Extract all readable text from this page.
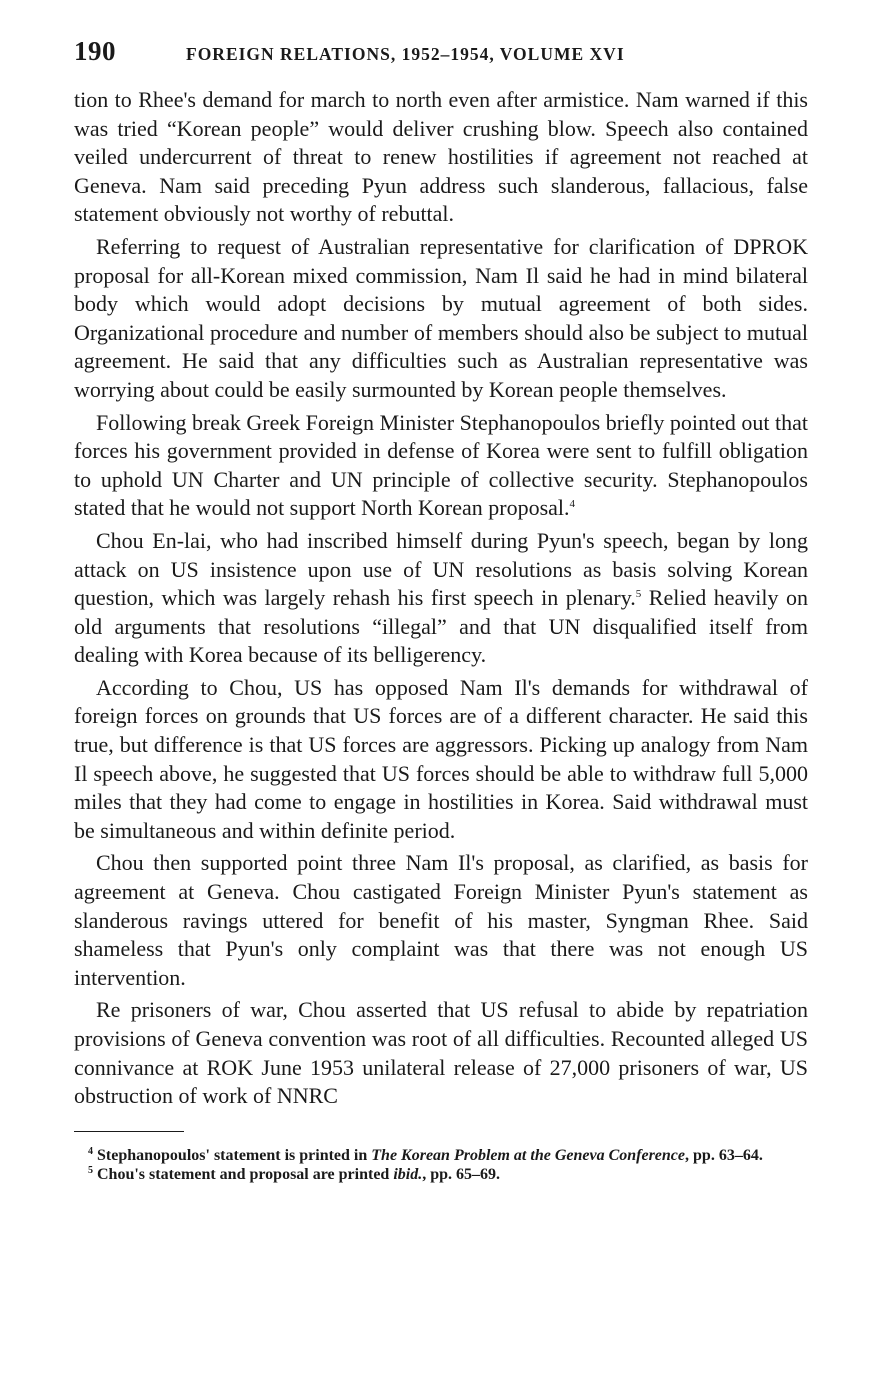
190	FOREIGN RELATIONS, 1952–1954, VOLUME XVI

tion to Rhee's demand for march to north even after armistice. Nam warned if this was tried “Korean people” would deliver crushing blow. Speech also contained veiled undercurrent of threat to renew hostilities if agreement not reached at Geneva. Nam said preceding Pyun address such slanderous, fallacious, false statement obviously not worthy of rebuttal.

Referring to request of Australian representative for clarification of DPROK proposal for all-Korean mixed commission, Nam Il said he had in mind bilateral body which would adopt decisions by mutual agreement of both sides. Organizational procedure and number of members should also be subject to mutual agreement. He said that any difficulties such as Australian representative was worrying about could be easily surmounted by Korean people themselves.

Following break Greek Foreign Minister Stephanopoulos briefly pointed out that forces his government provided in defense of Korea were sent to fulfill obligation to uphold UN Charter and UN principle of collective security. Stephanopoulos stated that he would not support North Korean proposal.$^4$

Chou En-lai, who had inscribed himself during Pyun's speech, began by long attack on US insistence upon use of UN resolutions as basis solving Korean question, which was largely rehash his first speech in plenary.$^5$ Relied heavily on old arguments that resolutions “illegal” and that UN disqualified itself from dealing with Korea because of its belligerency.

According to Chou, US has opposed Nam Il's demands for withdrawal of foreign forces on grounds that US forces are of a different character. He said this true, but difference is that US forces are aggressors. Picking up analogy from Nam Il speech above, he suggested that US forces should be able to withdraw full 5,000 miles that they had come to engage in hostilities in Korea. Said withdrawal must be simultaneous and within definite period.

Chou then supported point three Nam Il's proposal, as clarified, as basis for agreement at Geneva. Chou castigated Foreign Minister Pyun's statement as slanderous ravings uttered for benefit of his master, Syngman Rhee. Said shameless that Pyun's only complaint was that there was not enough US intervention.

Re prisoners of war, Chou asserted that US refusal to abide by repatriation provisions of Geneva convention was root of all difficulties. Recounted alleged US connivance at ROK June 1953 unilateral release of 27,000 prisoners of war, US obstruction of work of NNRC

$^4$ Stephanopoulos' statement is printed in The Korean Problem at the Geneva Conference, pp. 63–64.

$^5$ Chou's statement and proposal are printed ibid., pp. 65–69.
